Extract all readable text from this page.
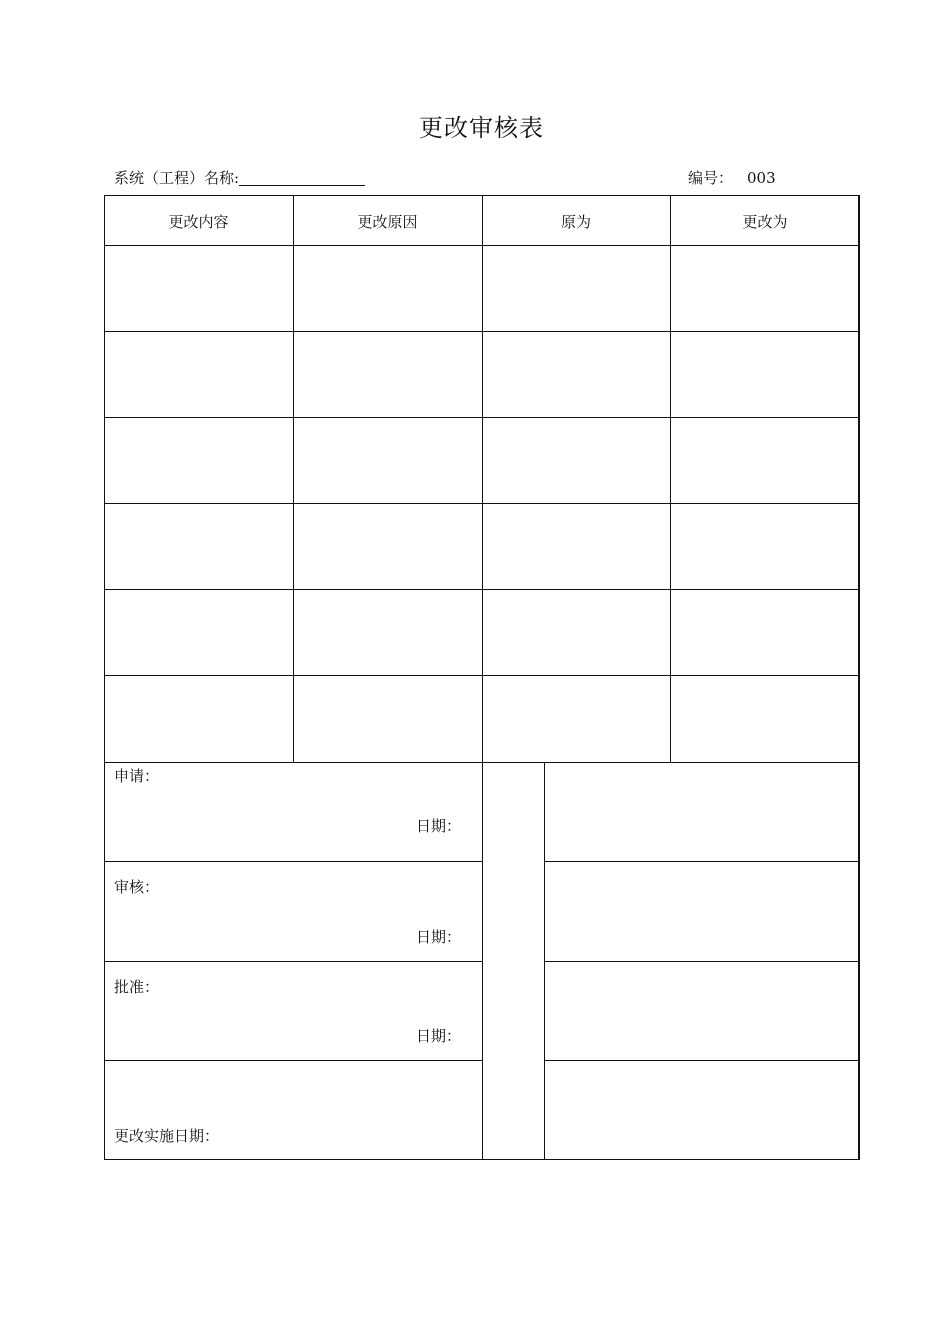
更改审核表
系统（工程）名称:	编号： 003
更改内容	更改原因	原为	更改为
申请：
日期：
审核：
日期：
批准：
日期：
更改实施日期：
